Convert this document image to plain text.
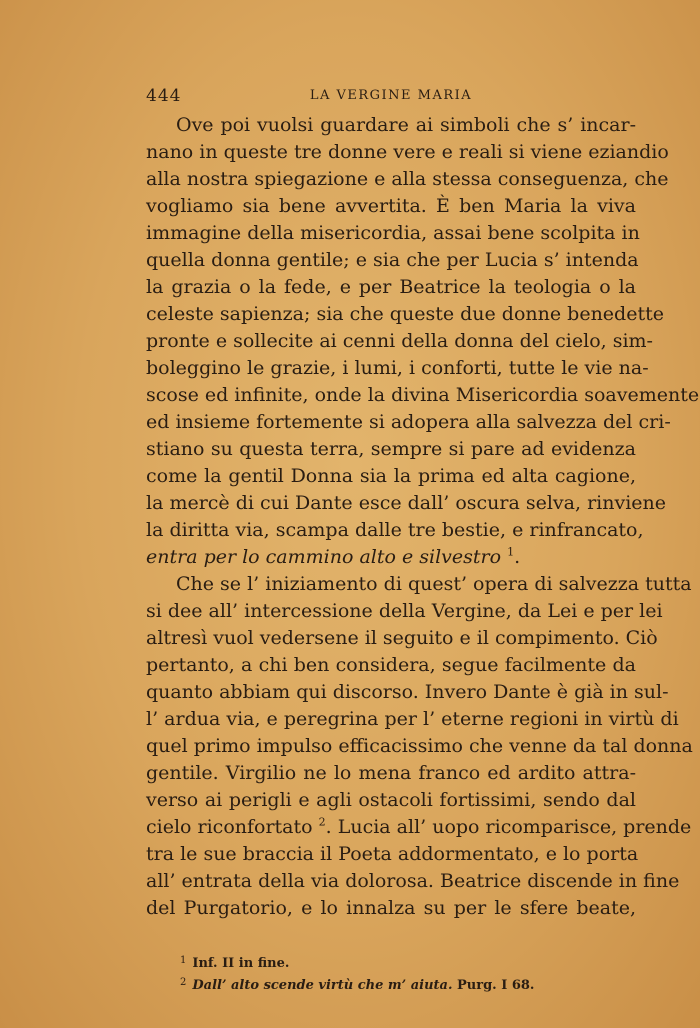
444	LA VERGINE MARIA
Ove poi vuolsi guardare ai simboli che s’ incar-
nano in queste tre donne vere e reali si viene eziandio
alla nostra spiegazione e alla stessa conseguenza, che
vogliamo sia bene avvertita. È ben Maria la viva
immagine della misericordia, assai bene scolpita in
quella donna gentile; e sia che per Lucia s’ intenda
la grazia o la fede, e per Beatrice la teologia o la
celeste sapienza; sia che queste due donne benedette
pronte e sollecite ai cenni della donna del cielo, sim-
boleggino le grazie, i lumi, i conforti, tutte le vie na-
scose ed infinite, onde la divina Misericordia soavemente
ed insieme fortemente si adopera alla salvezza del cri-
stiano su questa terra, sempre si pare ad evidenza
come la gentil Donna sia la prima ed alta cagione,
la mercè di cui Dante esce dall’ oscura selva, rinviene
la diritta via, scampa dalle tre bestie, e rinfrancato,
entra per lo cammino alto e silvestro $^1$.
Che se l’ iniziamento di quest’ opera di salvezza tutta
si dee all’ intercessione della Vergine, da Lei e per lei
altresì vuol vedersene il seguito e il compimento. Ciò
pertanto, a chi ben considera, segue facilmente da
quanto abbiam qui discorso. Invero Dante è già in sul-
l’ ardua via, e peregrina per l’ eterne regioni in virtù di
quel primo impulso efficacissimo che venne da tal donna
gentile. Virgilio ne lo mena franco ed ardito attra-
verso ai perigli e agli ostacoli fortissimi, sendo dal
cielo riconfortato $^2$. Lucia all’ uopo ricomparisce, prende
tra le sue braccia il Poeta addormentato, e lo porta
all’ entrata della via dolorosa. Beatrice discende in fine
del Purgatorio, e lo innalza su per le sfere beate,
$^1$ Inf. II in fine.
$^2$ Dall’ alto scende virtù che m’ aiuta. Purg. I 68.
